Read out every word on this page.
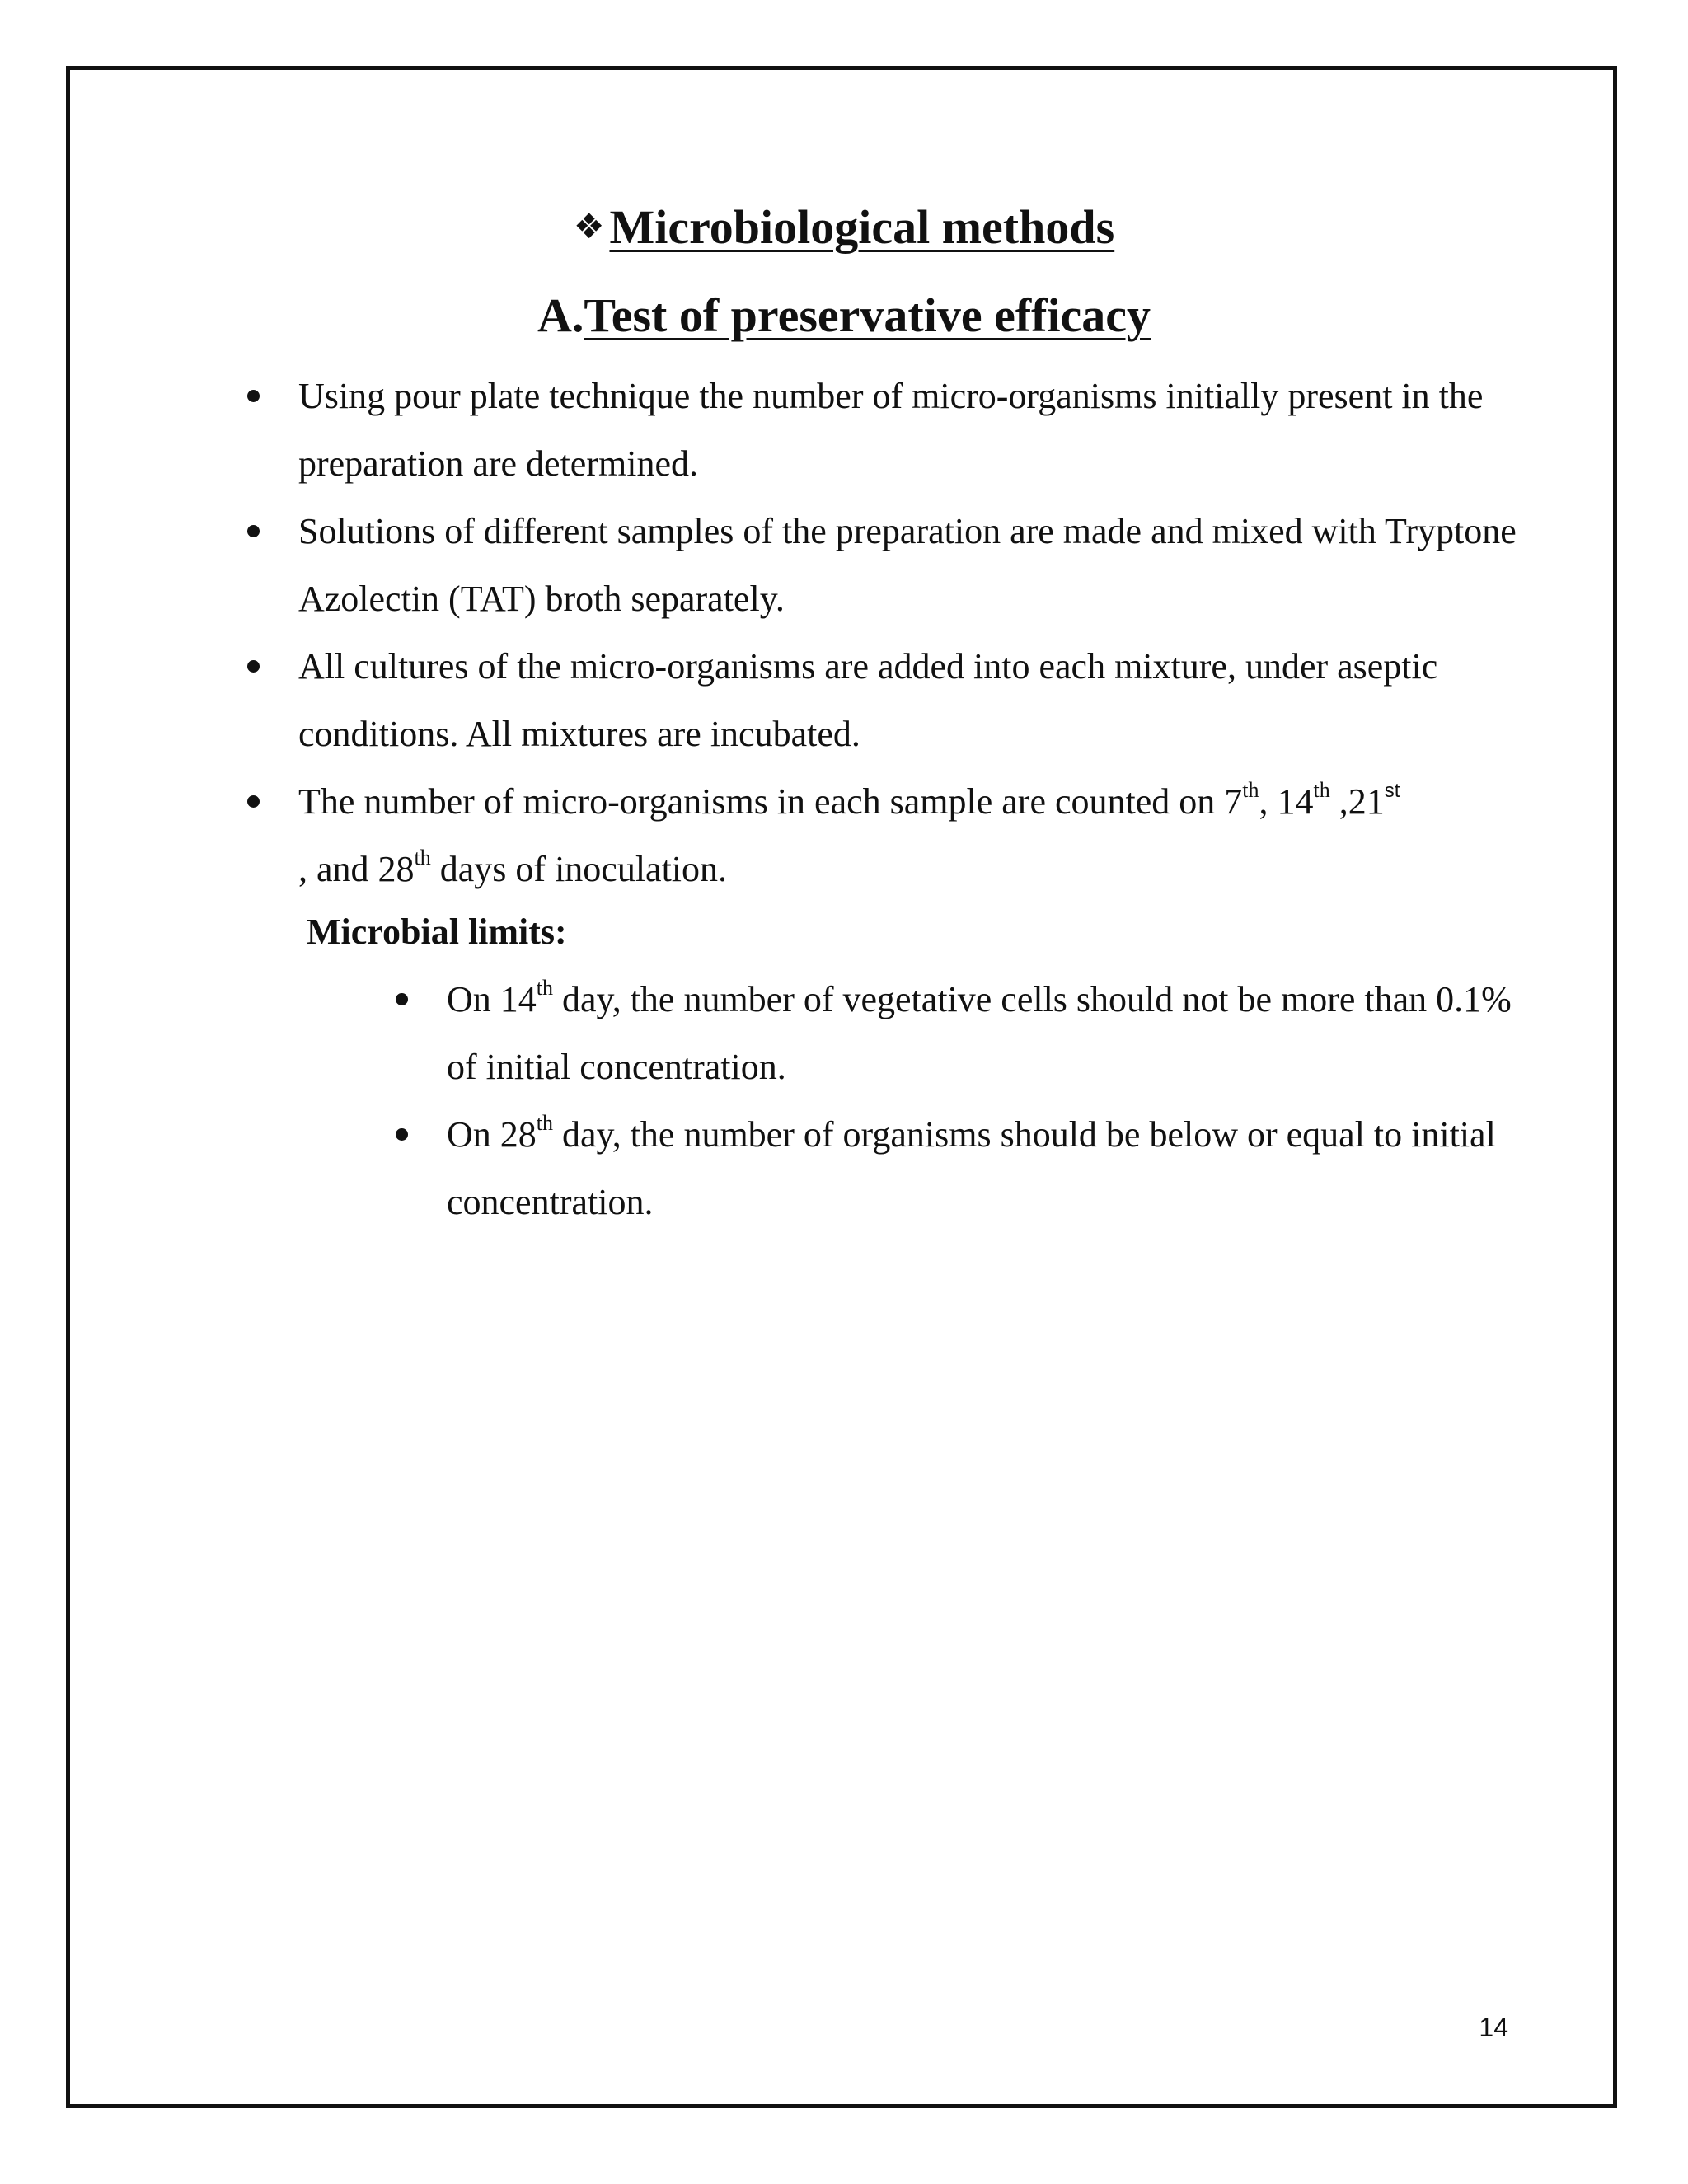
❖ Microbiological methods
A.Test of preservative efficacy
Using pour plate technique the number of micro-organisms initially present in the preparation are determined.
Solutions of different samples of the preparation are made and mixed with Tryptone Azolectin (TAT) broth separately.
All cultures of the micro-organisms are added into each mixture, under aseptic conditions. All mixtures are incubated.
The number of micro-organisms in each sample are counted on 7th, 14th ,21st
, and 28th days of inoculation.
Microbial limits:
On 14th day, the number of vegetative cells should not be more than 0.1% of initial concentration.
On 28th day, the number of organisms should be below or equal to initial concentration.
14
